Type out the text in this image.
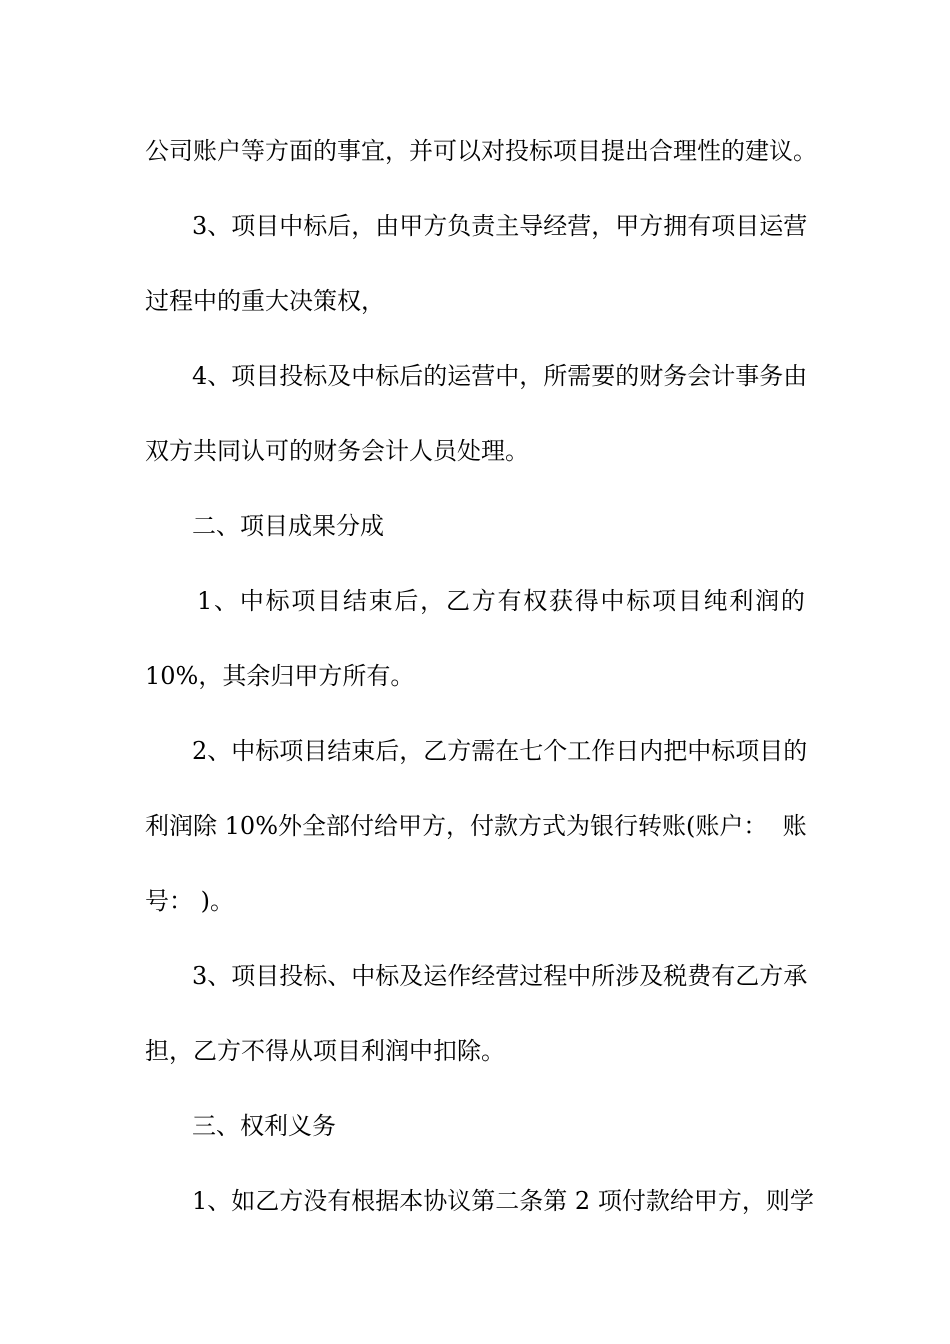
公 司 账 户 等 方 面 的 事 宜 ， 并 可 以 对 投 标 项 目 提 出 合 理 性 的 建 议 。
3 、 项 目 中 标 后 ， 由 甲 方 负 责 主 导 经 营 ， 甲 方 拥 有 项 目 运 营
过程中的重大决策权，
4 、 项 目 投 标 及 中 标 后 的 运 营 中 ， 所 需 要 的 财 务 会 计 事 务 由
双方共同认可的财务会计人员处理。
二、项目成果分成
1 、 中 标 项 目 结 束 后 ， 乙 方 有 权 获 得 中 标 项 目 纯 利 润 的
10%，其余归甲方所有。
2 、 中 标 项 目 结 束 后 ， 乙 方 需 在 七 个 工 作 日 内 把 中 标 项 目 的
利 润 除
1 0 % 外 全 部 付 给 甲 方 ， 付 款 方 式 为 银 行 转 账 ( 账 户 ：

账
号： )。
3 、 项 目 投 标 、 中 标 及 运 作 经 营 过 程 中 所 涉 及 税 费 有 乙 方 承
担，乙方不得从项目利润中扣除。
三、权利义务
1 、 如 乙 方 没 有 根 据 本 协 议 第 二 条 第
2
项 付 款 给 甲 方 ， 则 学
